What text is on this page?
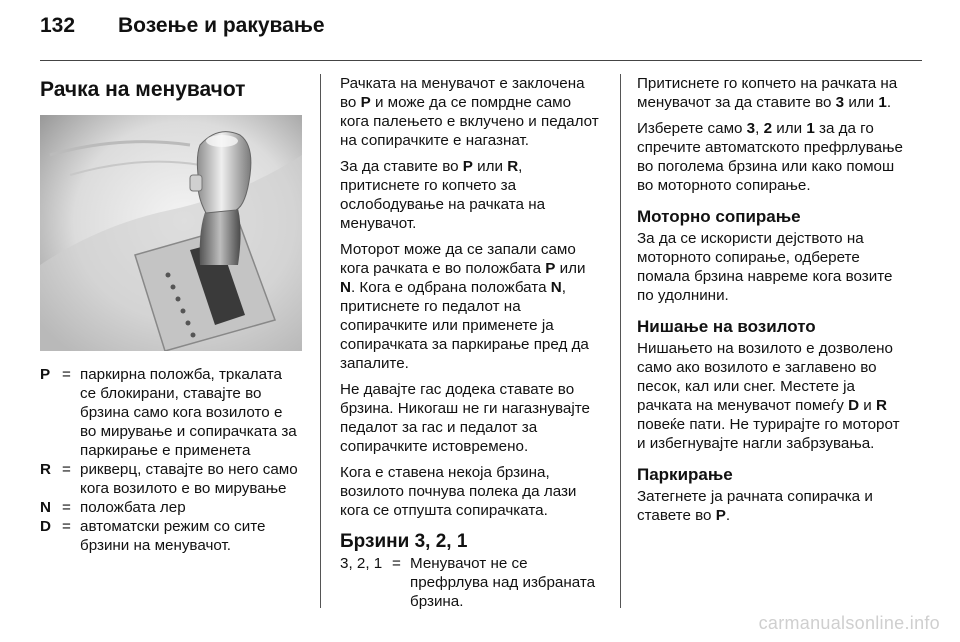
132	Возење и ракување
Рачка на менувачот
P = паркирна положба, тркалата се блокирани, ставајте во брзина само кога возилото е во мирување и сопирачката за паркирање е применета
R = рикверц, ставајте во него само кога возилото е во мирување
N = положбата лер
D = автоматски режим со сите брзини на менувачот.

Рачката на менувачот е заклочена во P и може да се помрдне само кога палењето е вклучено и педалот на сопирачките е нагазнат.

За да ставите во P или R, притиснете го копчето за ослободување на рачката на менувачот.

Моторот може да се запали само кога рачката е во положбата P или N. Кога е одбрана положбата N, притиснете го педалот на сопирачките или применете ја сопирачката за паркирање пред да запалите.

Не давајте гас додека ставате во брзина. Никогаш не ги нагазнувајте педалот за гас и педалот за сопирачките истовремено.

Кога е ставена некоја брзина, возилото почнува полека да лази кога се отпушта сопирачката.

Брзини 3, 2, 1
3, 2, 1 = Менувачот не се префрлува над избраната брзина.

Притиснете го копчето на рачката на менувачот за да ставите во 3 или 1.

Изберете само 3, 2 или 1 за да го спречите автоматското префрлување во поголема брзина или како помош во моторното сопирање.

Моторно сопирање

За да се искористи дејството на моторното сопирање, одберете помала брзина навреме кога возите по удолнини.

Нишање на возилото

Нишањето на возилото е дозволено само ако возилото е заглавено во песок, кал или снег. Местете ја рачката на менувачот помеѓу D и R повеќе пати. Не турирајте го моторот и избегнувајте нагли забрзувања.

Паркирање

Затегнете ја рачната сопирачка и ставете во P.

carmanualsonline.info
